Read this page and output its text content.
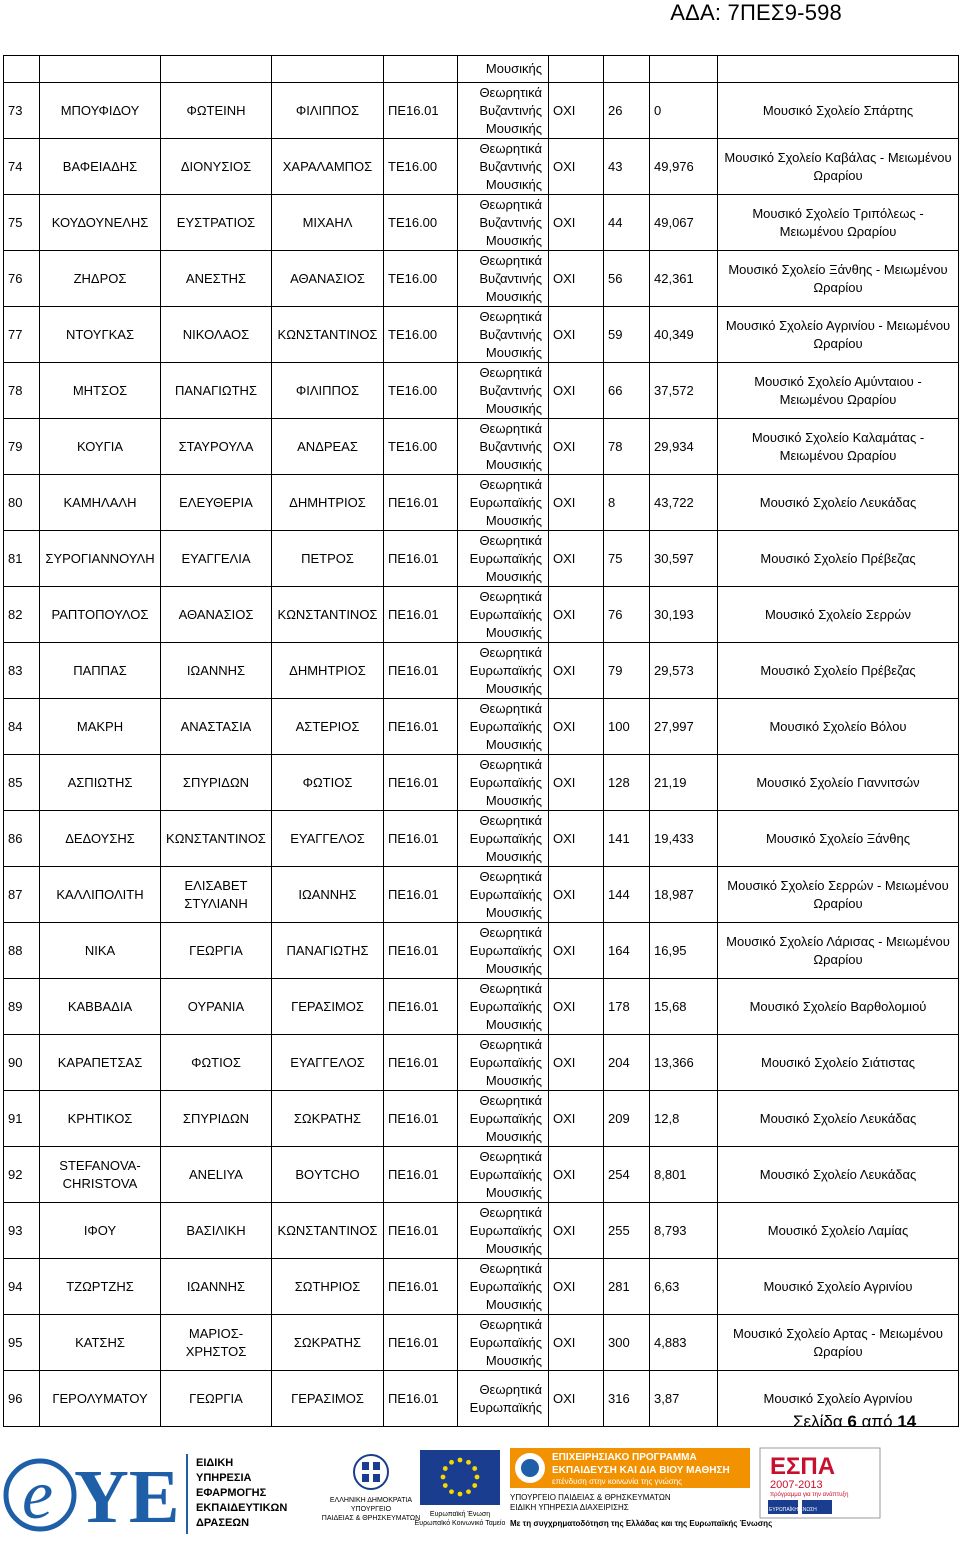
ΑΔΑ: 7ΠΕΣ9-598
					Μουσικής				
73	ΜΠΟΥΦΙΔΟΥ	ΦΩΤΕΙΝΗ	ΦΙΛΙΠΠΟΣ	ΠΕ16.01	Θεωρητικά
Βυζαντινής
Μουσικής	ΟΧΙ	26	0	Μουσικό Σχολείο Σπάρτης
74	ΒΑΦΕΙΑΔΗΣ	ΔΙΟΝΥΣΙΟΣ	ΧΑΡΑΛΑΜΠΟΣ	ΤΕ16.00	Θεωρητικά
Βυζαντινής
Μουσικής	ΟΧΙ	43	49,976	Μουσικό Σχολείο Καβάλας - Μειωμένου Ωραρίου
75	ΚΟΥΔΟΥΝΕΛΗΣ	ΕΥΣΤΡΑΤΙΟΣ	ΜΙΧΑΗΛ	ΤΕ16.00	Θεωρητικά
Βυζαντινής
Μουσικής	ΟΧΙ	44	49,067	Μουσικό Σχολείο Τριπόλεως - Μειωμένου Ωραρίου
76	ΖΗΔΡΟΣ	ΑΝΕΣΤΗΣ	ΑΘΑΝΑΣΙΟΣ	ΤΕ16.00	Θεωρητικά
Βυζαντινής
Μουσικής	ΟΧΙ	56	42,361	Μουσικό Σχολείο Ξάνθης - Μειωμένου Ωραρίου
77	ΝΤΟΥΓΚΑΣ	ΝΙΚΟΛΑΟΣ	ΚΩΝΣΤΑΝΤΙΝΟΣ	ΤΕ16.00	Θεωρητικά
Βυζαντινής
Μουσικής	ΟΧΙ	59	40,349	Μουσικό Σχολείο Αγρινίου - Μειωμένου Ωραρίου
78	ΜΗΤΣΟΣ	ΠΑΝΑΓΙΩΤΗΣ	ΦΙΛΙΠΠΟΣ	ΤΕ16.00	Θεωρητικά
Βυζαντινής
Μουσικής	ΟΧΙ	66	37,572	Μουσικό Σχολείο Αμύνταιου - Μειωμένου Ωραρίου
79	ΚΟΥΓΙΑ	ΣΤΑΥΡΟΥΛΑ	ΑΝΔΡΕΑΣ	ΤΕ16.00	Θεωρητικά
Βυζαντινής
Μουσικής	ΟΧΙ	78	29,934	Μουσικό Σχολείο Καλαμάτας - Μειωμένου Ωραρίου
80	ΚΑΜΗΛΑΛΗ	ΕΛΕΥΘΕΡΙΑ	ΔΗΜΗΤΡΙΟΣ	ΠΕ16.01	Θεωρητικά
Ευρωπαϊκής
Μουσικής	ΟΧΙ	8	43,722	Μουσικό Σχολείο Λευκάδας
81	ΣΥΡΟΓΙΑΝΝΟΥΛΗ	ΕΥΑΓΓΕΛΙΑ	ΠΕΤΡΟΣ	ΠΕ16.01	Θεωρητικά
Ευρωπαϊκής
Μουσικής	ΟΧΙ	75	30,597	Μουσικό Σχολείο Πρέβεζας
82	ΡΑΠΤΟΠΟΥΛΟΣ	ΑΘΑΝΑΣΙΟΣ	ΚΩΝΣΤΑΝΤΙΝΟΣ	ΠΕ16.01	Θεωρητικά
Ευρωπαϊκής
Μουσικής	ΟΧΙ	76	30,193	Μουσικό Σχολείο Σερρών
83	ΠΑΠΠΑΣ	ΙΩΑΝΝΗΣ	ΔΗΜΗΤΡΙΟΣ	ΠΕ16.01	Θεωρητικά
Ευρωπαϊκής
Μουσικής	ΟΧΙ	79	29,573	Μουσικό Σχολείο Πρέβεζας
84	ΜΑΚΡΗ	ΑΝΑΣΤΑΣΙΑ	ΑΣΤΕΡΙΟΣ	ΠΕ16.01	Θεωρητικά
Ευρωπαϊκής
Μουσικής	ΟΧΙ	100	27,997	Μουσικό Σχολείο Βόλου
85	ΑΣΠΙΩΤΗΣ	ΣΠΥΡΙΔΩΝ	ΦΩΤΙΟΣ	ΠΕ16.01	Θεωρητικά
Ευρωπαϊκής
Μουσικής	ΟΧΙ	128	21,19	Μουσικό Σχολείο Γιαννιτσών
86	ΔΕΔΟΥΣΗΣ	ΚΩΝΣΤΑΝΤΙΝΟΣ	ΕΥΑΓΓΕΛΟΣ	ΠΕ16.01	Θεωρητικά
Ευρωπαϊκής
Μουσικής	ΟΧΙ	141	19,433	Μουσικό Σχολείο Ξάνθης
87	ΚΑΛΛΙΠΟΛΙΤΗ	ΕΛΙΣΑΒΕΤ ΣΤΥΛΙΑΝΗ	ΙΩΑΝΝΗΣ	ΠΕ16.01	Θεωρητικά
Ευρωπαϊκής
Μουσικής	ΟΧΙ	144	18,987	Μουσικό Σχολείο Σερρών - Μειωμένου Ωραρίου
88	ΝΙΚΑ	ΓΕΩΡΓΙΑ	ΠΑΝΑΓΙΩΤΗΣ	ΠΕ16.01	Θεωρητικά
Ευρωπαϊκής
Μουσικής	ΟΧΙ	164	16,95	Μουσικό Σχολείο Λάρισας - Μειωμένου Ωραρίου
89	ΚΑΒΒΑΔΙΑ	ΟΥΡΑΝΙΑ	ΓΕΡΑΣΙΜΟΣ	ΠΕ16.01	Θεωρητικά
Ευρωπαϊκής
Μουσικής	ΟΧΙ	178	15,68	Μουσικό Σχολείο Βαρθολομιού
90	ΚΑΡΑΠΕΤΣΑΣ	ΦΩΤΙΟΣ	ΕΥΑΓΓΕΛΟΣ	ΠΕ16.01	Θεωρητικά
Ευρωπαϊκής
Μουσικής	ΟΧΙ	204	13,366	Μουσικό Σχολείο Σιάτιστας
91	ΚΡΗΤΙΚΟΣ	ΣΠΥΡΙΔΩΝ	ΣΩΚΡΑΤΗΣ	ΠΕ16.01	Θεωρητικά
Ευρωπαϊκής
Μουσικής	ΟΧΙ	209	12,8	Μουσικό Σχολείο Λευκάδας
92	STEFANOVA-CHRISTOVA	ANELIYA	BOYTCHO	ΠΕ16.01	Θεωρητικά
Ευρωπαϊκής
Μουσικής	ΟΧΙ	254	8,801	Μουσικό Σχολείο Λευκάδας
93	ΙΦΟΥ	ΒΑΣΙΛΙΚΗ	ΚΩΝΣΤΑΝΤΙΝΟΣ	ΠΕ16.01	Θεωρητικά
Ευρωπαϊκής
Μουσικής	ΟΧΙ	255	8,793	Μουσικό Σχολείο Λαμίας
94	ΤΖΩΡΤΖΗΣ	ΙΩΑΝΝΗΣ	ΣΩΤΗΡΙΟΣ	ΠΕ16.01	Θεωρητικά
Ευρωπαϊκής
Μουσικής	ΟΧΙ	281	6,63	Μουσικό Σχολείο Αγρινίου
95	ΚΑΤΣΗΣ	ΜΑΡΙΟΣ-ΧΡΗΣΤΟΣ	ΣΩΚΡΑΤΗΣ	ΠΕ16.01	Θεωρητικά
Ευρωπαϊκής
Μουσικής	ΟΧΙ	300	4,883	Μουσικό Σχολείο Αρτας - Μειωμένου Ωραρίου
96	ΓΕΡΟΛΥΜΑΤΟΥ	ΓΕΩΡΓΙΑ	ΓΕΡΑΣΙΜΟΣ	ΠΕ16.01	Θεωρητικά
Ευρωπαϊκής	ΟΧΙ	316	3,87	Μουσικό Σχολείο Αγρινίου
Σελίδα 6 από 14
e YE ΕΙΔΙΚΗ
ΥΠΗΡΕΣΙΑ
ΕΦΑΡΜΟΓΗΣ
ΕΚΠΑΙΔΕΥΤΙΚΩΝ
ΔΡΑΣΕΩΝ
ΕΛΛΗΝΙΚΗ ΔΗΜΟΚΡΑΤΙΑ
ΥΠΟΥΡΓΕΙΟ
ΠΑΙΔΕΙΑΣ & ΘΡΗΣΚΕΥΜΑΤΩΝ
Ευρωπαϊκή Ένωση
Ευρωπαϊκό Κοινωνικό Ταμείο
ΕΠΙΧΕΙΡΗΣΙΑΚΟ ΠΡΟΓΡΑΜΜΑ
ΕΚΠΑΙΔΕΥΣΗ ΚΑΙ ΔΙΑ ΒΙΟΥ ΜΑΘΗΣΗ
επένδυση στην κοινωνία της γνώσης
ΥΠΟΥΡΓΕΙΟ ΠΑΙΔΕΙΑΣ & ΘΡΗΣΚΕΥΜΑΤΩΝ
ΕΙΔΙΚΗ ΥΠΗΡΕΣΙΑ ΔΙΑΧΕΙΡΙΣΗΣ
Με τη συγχρηματοδότηση της Ελλάδας και της Ευρωπαϊκής Ένωσης
ΕΣΠΑ
2007-2013
πρόγραμμα για την ανάπτυξη
ΕΥΡΩΠΑΪΚΗ ΕΝΩΣΗ
